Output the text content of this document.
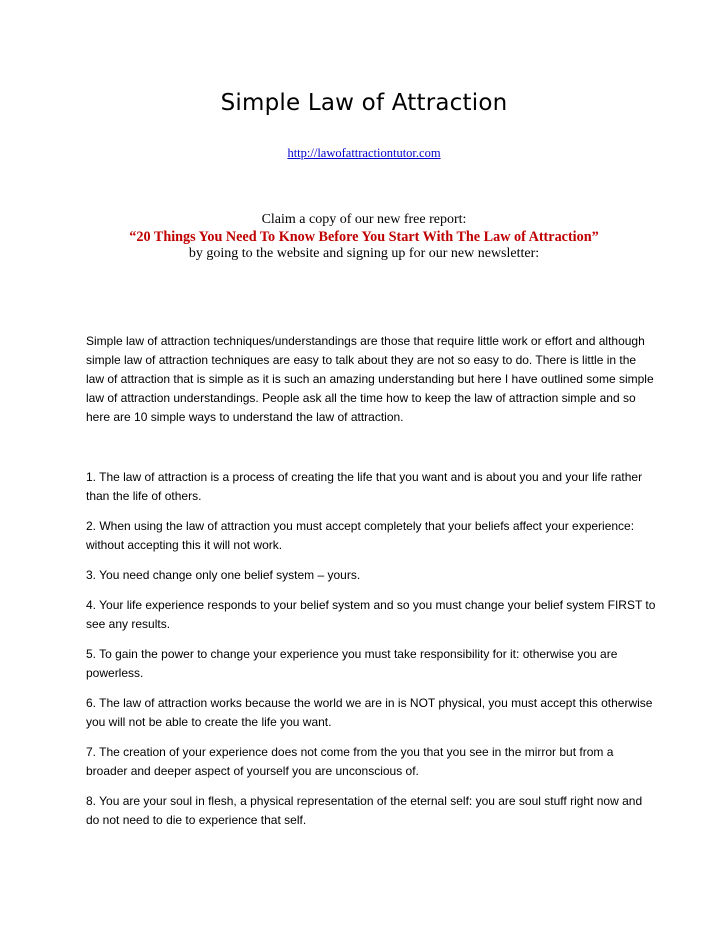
Simple Law of Attraction
http://lawofattractiontutor.com
Claim a copy of our new free report:
“20 Things You Need To Know Before You Start With The Law of Attraction”
by going to the website and signing up for our new newsletter:
Simple law of attraction techniques/understandings are those that require little work or effort and although simple law of attraction techniques are easy to talk about they are not so easy to do. There is little in the law of attraction that is simple as it is such an amazing understanding but here I have outlined some simple law of attraction understandings. People ask all the time how to keep the law of attraction simple and so here are 10 simple ways to understand the law of attraction.

1. The law of attraction is a process of creating the life that you want and is about you and your life rather than the life of others.

2. When using the law of attraction you must accept completely that your beliefs affect your experience: without accepting this it will not work.

3. You need change only one belief system – yours.

4. Your life experience responds to your belief system and so you must change your belief system FIRST to see any results.

5. To gain the power to change your experience you must take responsibility for it: otherwise you are powerless.

6. The law of attraction works because the world we are in is NOT physical, you must accept this otherwise you will not be able to create the life you want.

7. The creation of your experience does not come from the you that you see in the mirror but from a broader and deeper aspect of yourself you are unconscious of.

8. You are your soul in flesh, a physical representation of the eternal self: you are soul stuff right now and do not need to die to experience that self.
